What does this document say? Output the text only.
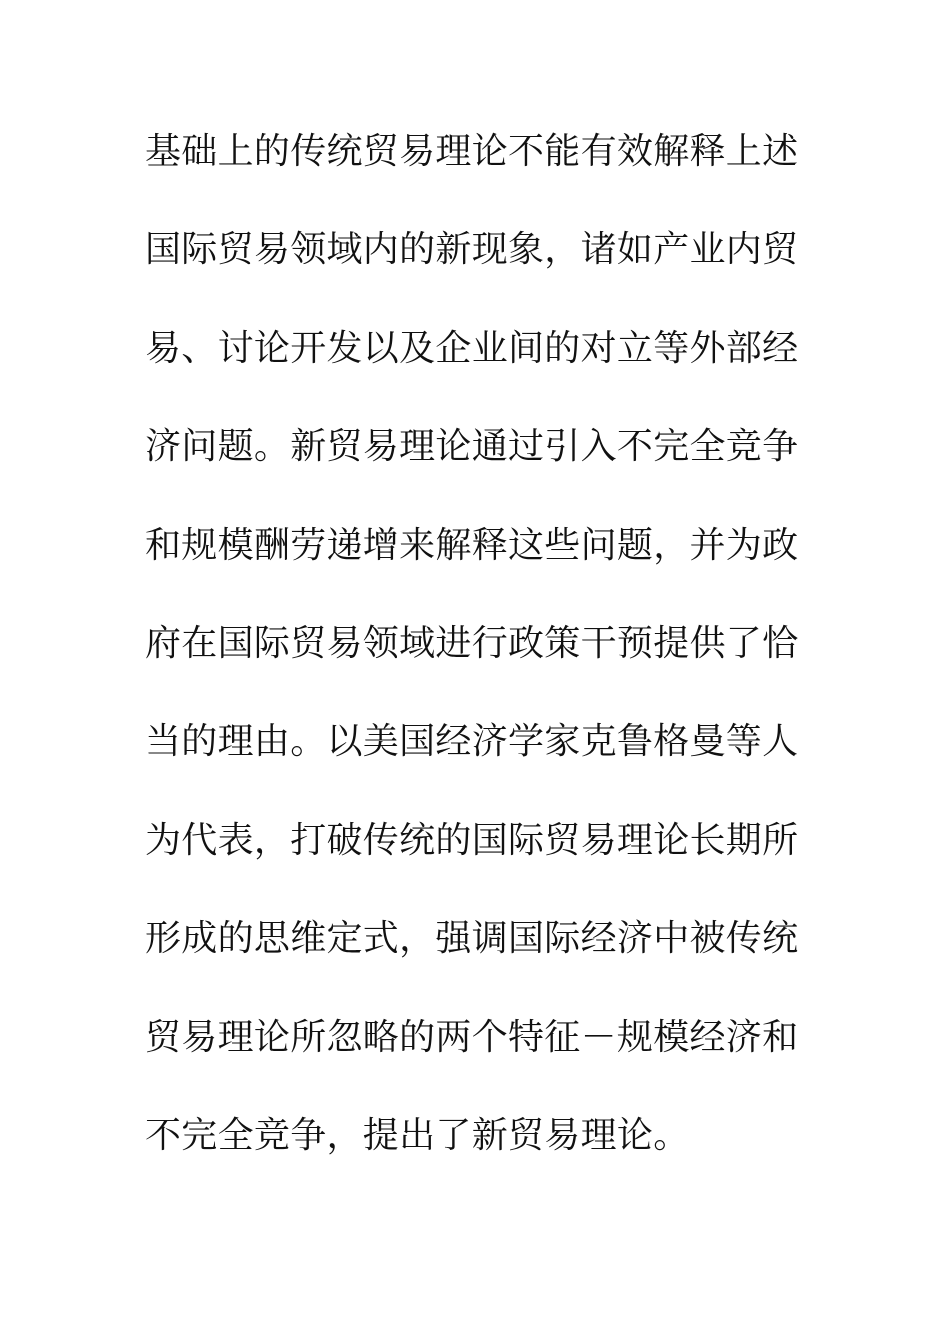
基础上的传统贸易理论不能有效解释上述
国际贸易领域内的新现象，诸如产业内贸
易、讨论开发以及企业间的对立等外部经
济问题。新贸易理论通过引入不完全竞争
和规模酬劳递增来解释这些问题，并为政
府在国际贸易领域进行政策干预提供了恰
当的理由。以美国经济学家克鲁格曼等人
为代表，打破传统的国际贸易理论长期所
形成的思维定式，强调国际经济中被传统
贸易理论所忽略的两个特征－规模经济和
不完全竞争，提出了新贸易理论。
